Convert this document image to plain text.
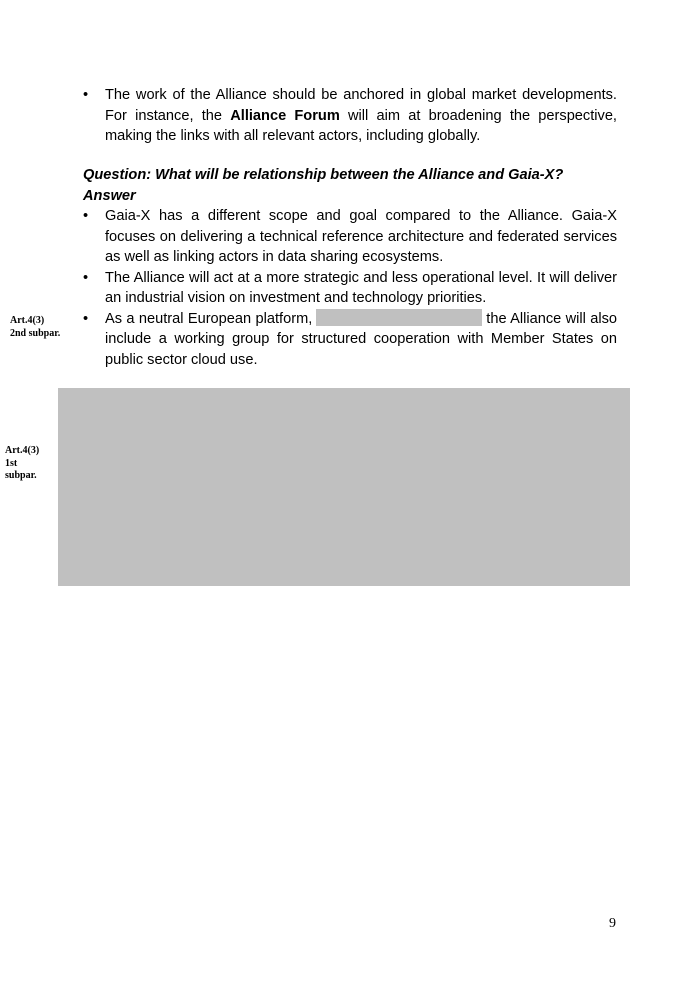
•	The work of the Alliance should be anchored in global market developments. For instance, the Alliance Forum will aim at broadening the perspective, making the links with all relevant actors, including globally.
Question: What will be relationship between the Alliance and Gaia-X?
Answer
•	Gaia-X has a different scope and goal compared to the Alliance. Gaia-X focuses on delivering a technical reference architecture and federated services as well as linking actors in data sharing ecosystems.
•	The Alliance will act at a more strategic and less operational level. It will deliver an industrial vision on investment and technology priorities.
•	As a neutral European platform,	the Alliance will also include a working group for structured cooperation with Member States on public sector cloud use.
Art.4(3)
2nd subpar.
Art.4(3)
1st
subpar.
9
